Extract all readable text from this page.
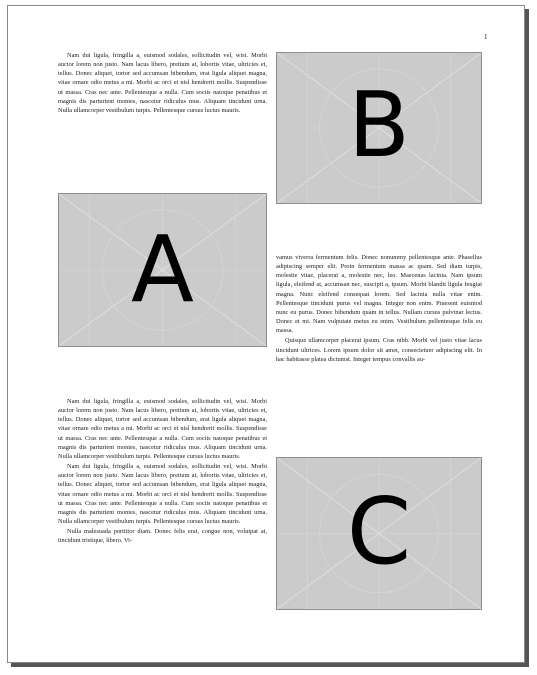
1

Nam dui ligula, fringilla a, euismod sodales, sollicitudin vel, wisi. Morbi auctor lorem non justo. Nam lacus libero, pretium at, lobortis vitae, ultricies et, tellus. Donec aliquet, tortor sed accumsan bibendum, erat ligula aliquet magna, vitae ornare odio metus a mi. Morbi ac orci et nisl hendrerit mollis. Suspendisse ut massa. Cras nec ante. Pellentesque a nulla. Cum sociis natoque penatibus et magnis dis parturient montes, nascetur ridiculus mus. Aliquam tincidunt urna. Nulla ullamcorper vestibulum turpis. Pellentesque cursus luctus mauris.	B
A	vamus viverra fermentum felis. Donec nonummy pellentesque ante. Phasellus adipiscing semper elit. Proin fermentum massa ac quam. Sed diam turpis, molestie vitae, placerat a, molestie nec, leo. Maecenas lacinia. Nam ipsum ligula, eleifend at, accumsan nec, suscipit a, ipsum. Morbi blandit ligula feugiat magna. Nunc eleifend consequat lorem. Sed lacinia nulla vitae enim. Pellentesque tincidunt purus vel magna. Integer non enim. Praesent euismod nunc eu purus. Donec bibendum quam in tellus. Nullam cursus pulvinar lectus. Donec et mi. Nam vulputate metus eu enim. Vestibulum pellentesque felis eu massa.

Quisque ullamcorper placerat ipsum. Cras nibh. Morbi vel justo vitae lacus tincidunt ultrices. Lorem ipsum dolor sit amet, consectetuer adipiscing elit. In hac habitasse platea dictumst. Integer tempus convallis au-

Nam dui ligula, fringilla a, euismod sodales, sollicitudin vel, wisi. Morbi auctor lorem non justo. Nam lacus libero, pretium at, lobortis vitae, ultricies et, tellus. Donec aliquet, tortor sed accumsan bibendum, erat ligula aliquet magna, vitae ornare odio metus a mi. Morbi ac orci et nisl hendrerit mollis. Suspendisse ut massa. Cras nec ante. Pellentesque a nulla. Cum sociis natoque penatibus et magnis dis parturient montes, nascetur ridiculus mus. Aliquam tincidunt urna. Nulla ullamcorper vestibulum turpis. Pellentesque cursus luctus mauris.

Nam dui ligula, fringilla a, euismod sodales, sollicitudin vel, wisi. Morbi auctor lorem non justo. Nam lacus libero, pretium at, lobortis vitae, ultricies et, tellus. Donec aliquet, tortor sed accumsan bibendum, erat ligula aliquet magna, vitae ornare odio metus a mi. Morbi ac orci et nisl hendrerit mollis. Suspendisse ut massa. Cras nec ante. Pellentesque a nulla. Cum sociis natoque penatibus et magnis dis parturient montes, nascetur ridiculus mus. Aliquam tincidunt urna. Nulla ullamcorper vestibulum turpis. Pellentesque cursus luctus mauris.

Nulla malesuada porttitor diam. Donec felis erat, congue non, volutpat at, tincidunt tristique, libero. Vi-	C
